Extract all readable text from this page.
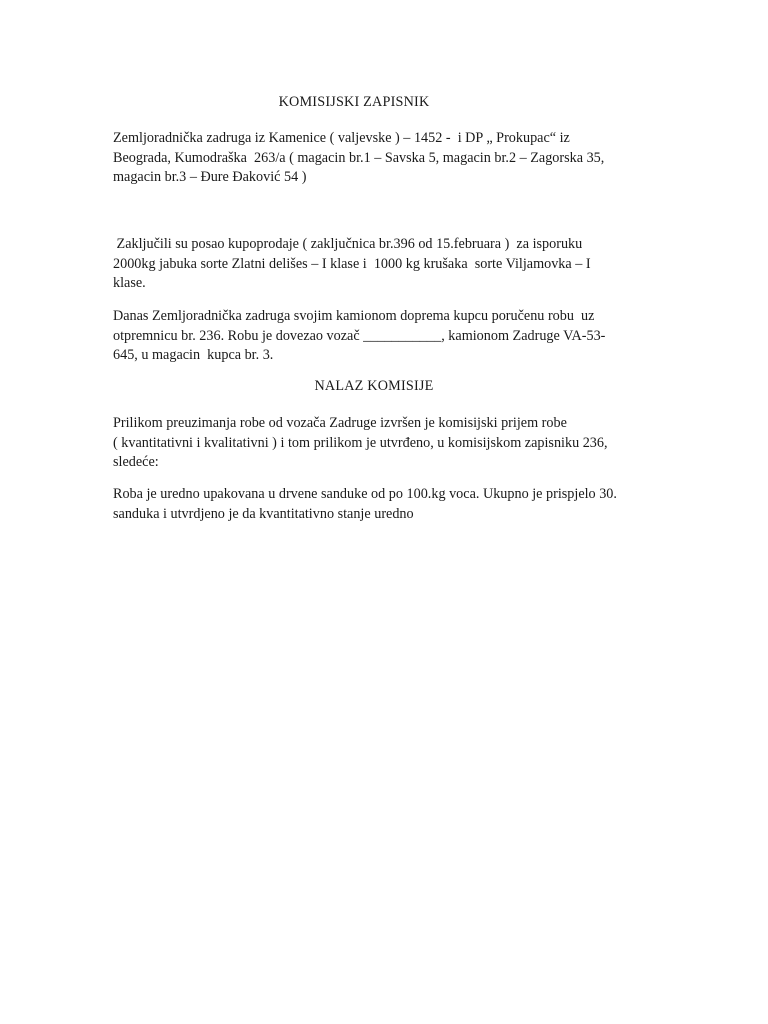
KOMISIJSKI ZAPISNIK
Zemljoradnička zadruga iz Kamenice ( valjevske ) – 1452 -  i DP „ Prokupac“ iz
Beograda, Kumodraška  263/a ( magacin br.1 – Savska 5, magacin br.2 – Zagorska 35,
magacin br.3 – Đure Đaković 54 )
Zaključili su posao kupoprodaje ( zaključnica br.396 od 15.februara )  za isporuku
2000kg jabuka sorte Zlatni delišes – I klase i  1000 kg krušaka  sorte Viljamovka – I
klase.
Danas Zemljoradnička zadruga svojim kamionom doprema kupcu poručenu robu  uz
otpremnicu br. 236. Robu je dovezao vozač ___________, kamionom Zadruge VA-53-
645, u magacin  kupca br. 3.
NALAZ KOMISIJE
Prilikom preuzimanja robe od vozača Zadruge izvršen je komisijski prijem robe
( kvantitativni i kvalitativni ) i tom prilikom je utvrđeno, u komisijskom zapisniku 236,
sledeće:
Roba je uredno upakovana u drvene sanduke od po 100.kg voca. Ukupno je prispjelo 30.
sanduka i utvrdjeno je da kvantitativno stanje uredno
